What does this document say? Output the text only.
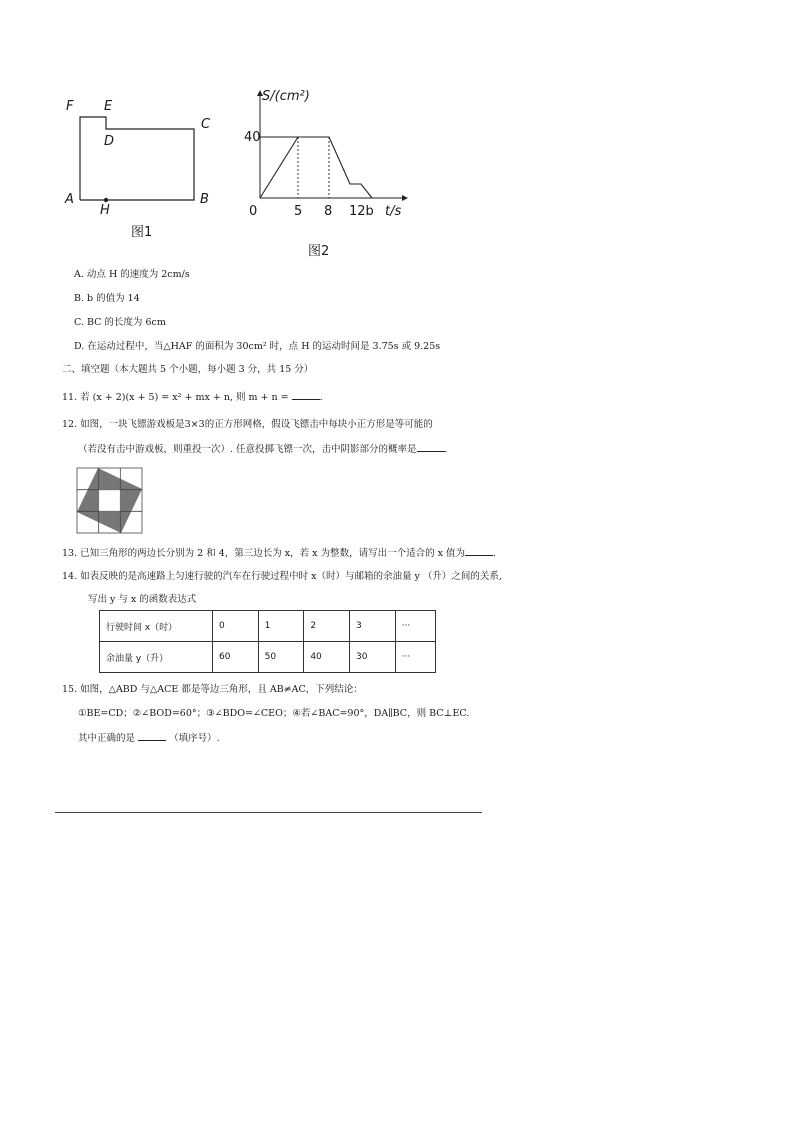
F E
C
D
A
H
B
图1
S/(cm²)
40
0	5 8 12b t/s
图2
A. 动点 H 的速度为 2cm/s
B. b 的值为 14
C. BC 的长度为 6cm
D. 在运动过程中，当△HAF 的面积为 30cm² 时，点 H 的运动时间是 3.75s 或 9.25s
二、填空题（本大题共 5 个小题，每小题 3 分，共 15 分）
11. 若 (x + 2)(x + 5) = x² + mx + n, 则 m + n =	.
12. 如图，一块飞镖游戏板是3×3的正方形网格，假设飞镖击中每块小正方形是等可能的
（若没有击中游戏板，则重投一次）. 任意投掷飞镖一次，击中阴影部分的概率是	.
13. 已知三角形的两边长分别为 2 和 4，第三边长为 x，若 x 为整数，请写出一个适合的 x 值为	.
14. 如表反映的是高速路上匀速行驶的汽车在行驶过程中时 x（时）与邮箱的余油量 y （升）之间的关系,
写出 y 与 x 的函数表达式
行驶时间 x（时）	0	1	2	3	···
余油量 y（升）	60	50	40	30	···
15. 如图，△ABD 与△ACE 都是等边三角形，且 AB≠AC，下列结论：
①BE=CD；②∠BOD=60°；③∠BDO=∠CEO；④若∠BAC=90°，DA∥BC，则 BC⊥EC.
其中正确的是	（填序号）.
